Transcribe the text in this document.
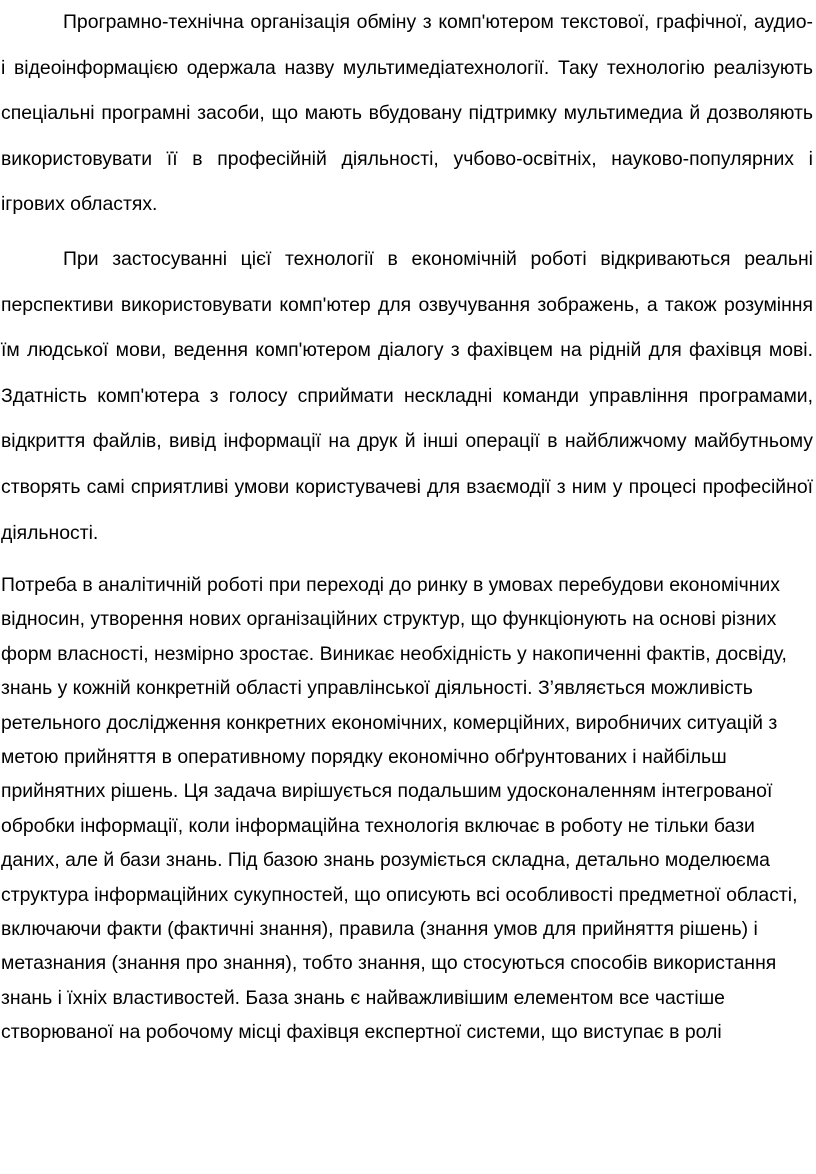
Програмно-технічна організація обміну з комп'ютером текстової, графічної, аудио- і відеоінформацією одержала назву мультимедіатехнології. Таку технологію реалізують спеціальні програмні засоби, що мають вбудовану підтримку мультимедиа й дозволяють використовувати її в професійній діяльності, учбово-освітніх, науково-популярних і ігрових областях.

При застосуванні цієї технології в економічній роботі відкриваються реальні перспективи використовувати комп'ютер для озвучування зображень, а також розуміння їм людської мови, ведення комп'ютером діалогу з фахівцем на рідній для фахівця мові. Здатність комп'ютера з голосу сприймати нескладні команди управління програмами, відкриття файлів, вивід інформації на друк й інші операції в найближчому майбутньому створять самі сприятливі умови користувачеві для взаємодії з ним у процесі професійної діяльності.

Потреба в аналітичній роботі при переході до ринку в умовах перебудови економічних відносин, утворення нових організаційних структур, що функціонують на основі різних форм власності, незмірно зростає. Виникає необхідність у накопиченні фактів, досвіду, знань у кожній конкретній області управлінської діяльності. З’являється можливість ретельного дослідження конкретних економічних, комерційних, виробничих ситуацій з метою прийняття в оперативному порядку економічно обґрунтованих і найбільш прийнятних рішень. Ця задача вирішується подальшим удосконаленням інтегрованої обробки інформації, коли інформаційна технологія включає в роботу не тільки бази даних, але й бази знань. Під базою знань розуміється складна, детально моделюєма структура інформаційних сукупностей, що описують всі особливості предметної області, включаючи факти (фактичні знання), правила (знання умов для прийняття рішень) і метазнания (знання про знання), тобто знання, що стосуються способів використання знань і їхніх властивостей. База знань є найважливішим елементом все частіше створюваної на робочому місці фахівця експертної системи, що виступає в ролі
